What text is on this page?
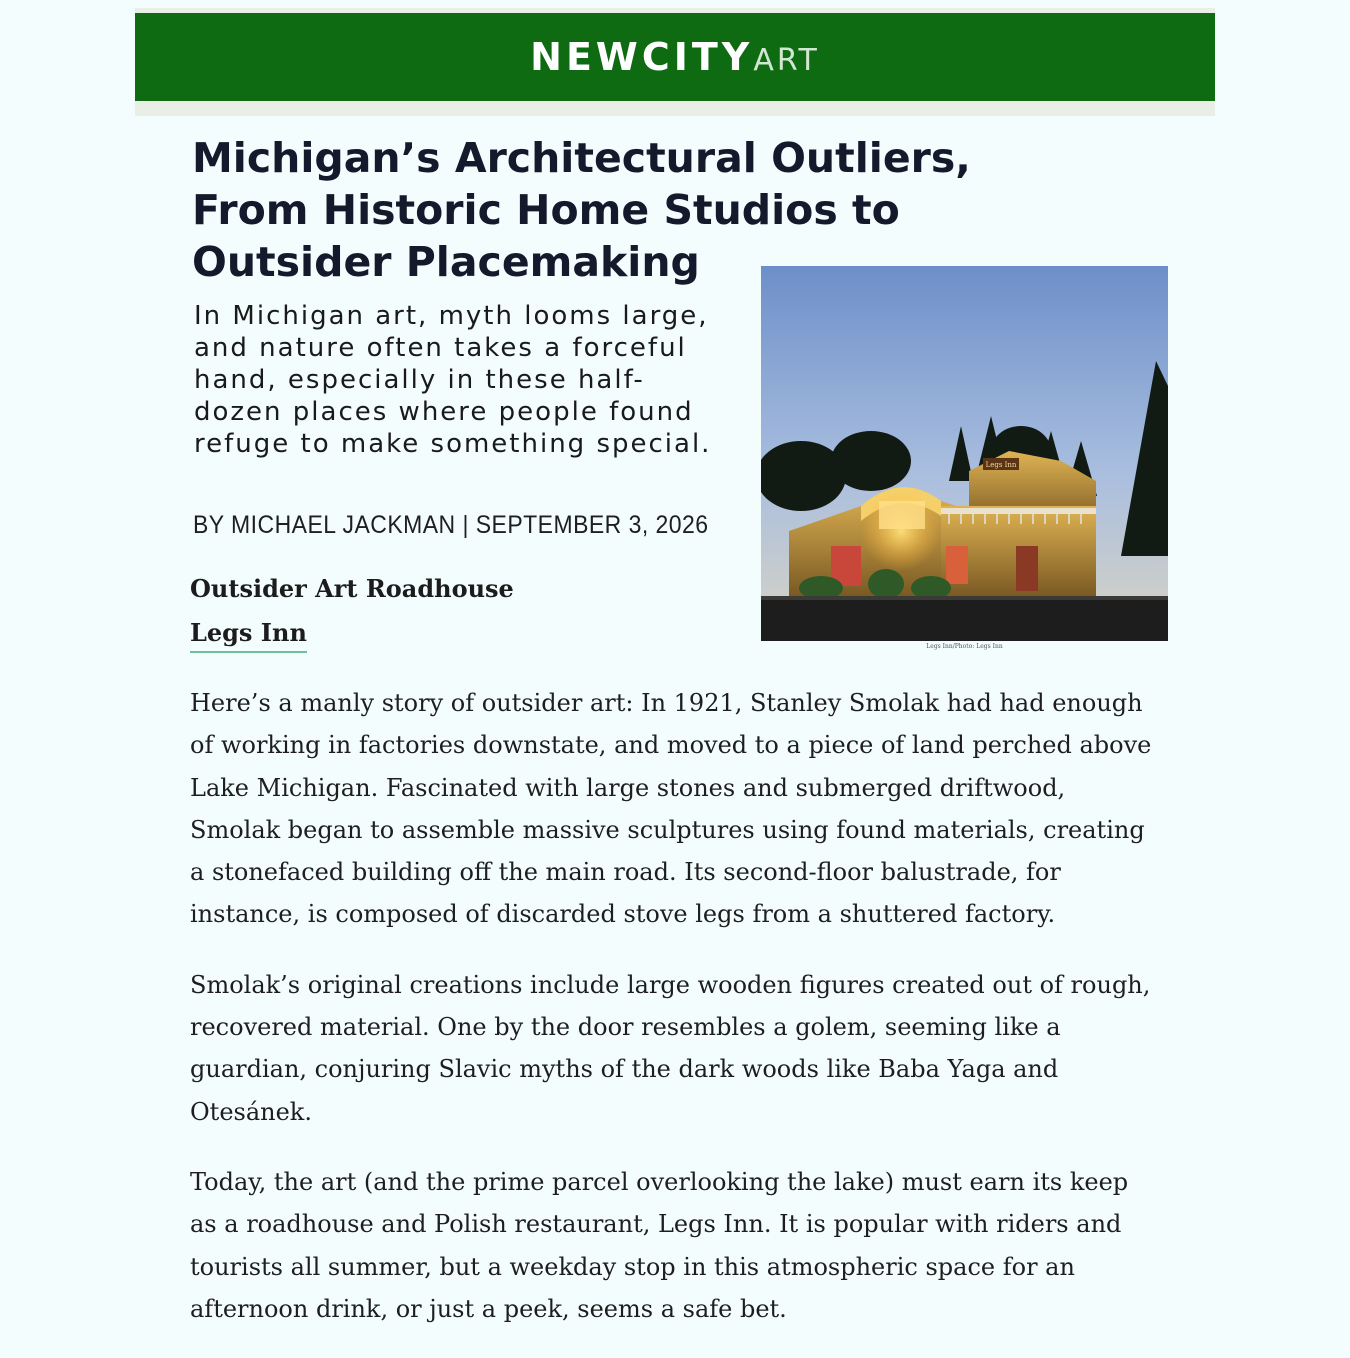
NEWCITY ART
Michigan’s Architectural Outliers, From Historic Home Studios to Outsider Placemaking

In Michigan art, myth looms large, and nature often takes a forceful hand, especially in these half-dozen places where people found refuge to make something special.

BY MICHAEL JACKMAN | SEPTEMBER 3, 2026

Legs Inn
Legs Inn/Photo: Legs Inn

Outsider Art Roadhouse

Legs Inn

Here’s a manly story of outsider art: In 1921, Stanley Smolak had had enough of working in factories downstate, and moved to a piece of land perched above Lake Michigan. Fascinated with large stones and submerged driftwood, Smolak began to assemble massive sculptures using found materials, creating a stonefaced building off the main road. Its second-floor balustrade, for instance, is composed of discarded stove legs from a shuttered factory.

Smolak’s original creations include large wooden figures created out of rough, recovered material. One by the door resembles a golem, seeming like a guardian, conjuring Slavic myths of the dark woods like Baba Yaga and Otesánek.

Today, the art (and the prime parcel overlooking the lake) must earn its keep as a roadhouse and Polish restaurant, Legs Inn. It is popular with riders and tourists all summer, but a weekday stop in this atmospheric space for an afternoon drink, or just a peek, seems a safe bet.
